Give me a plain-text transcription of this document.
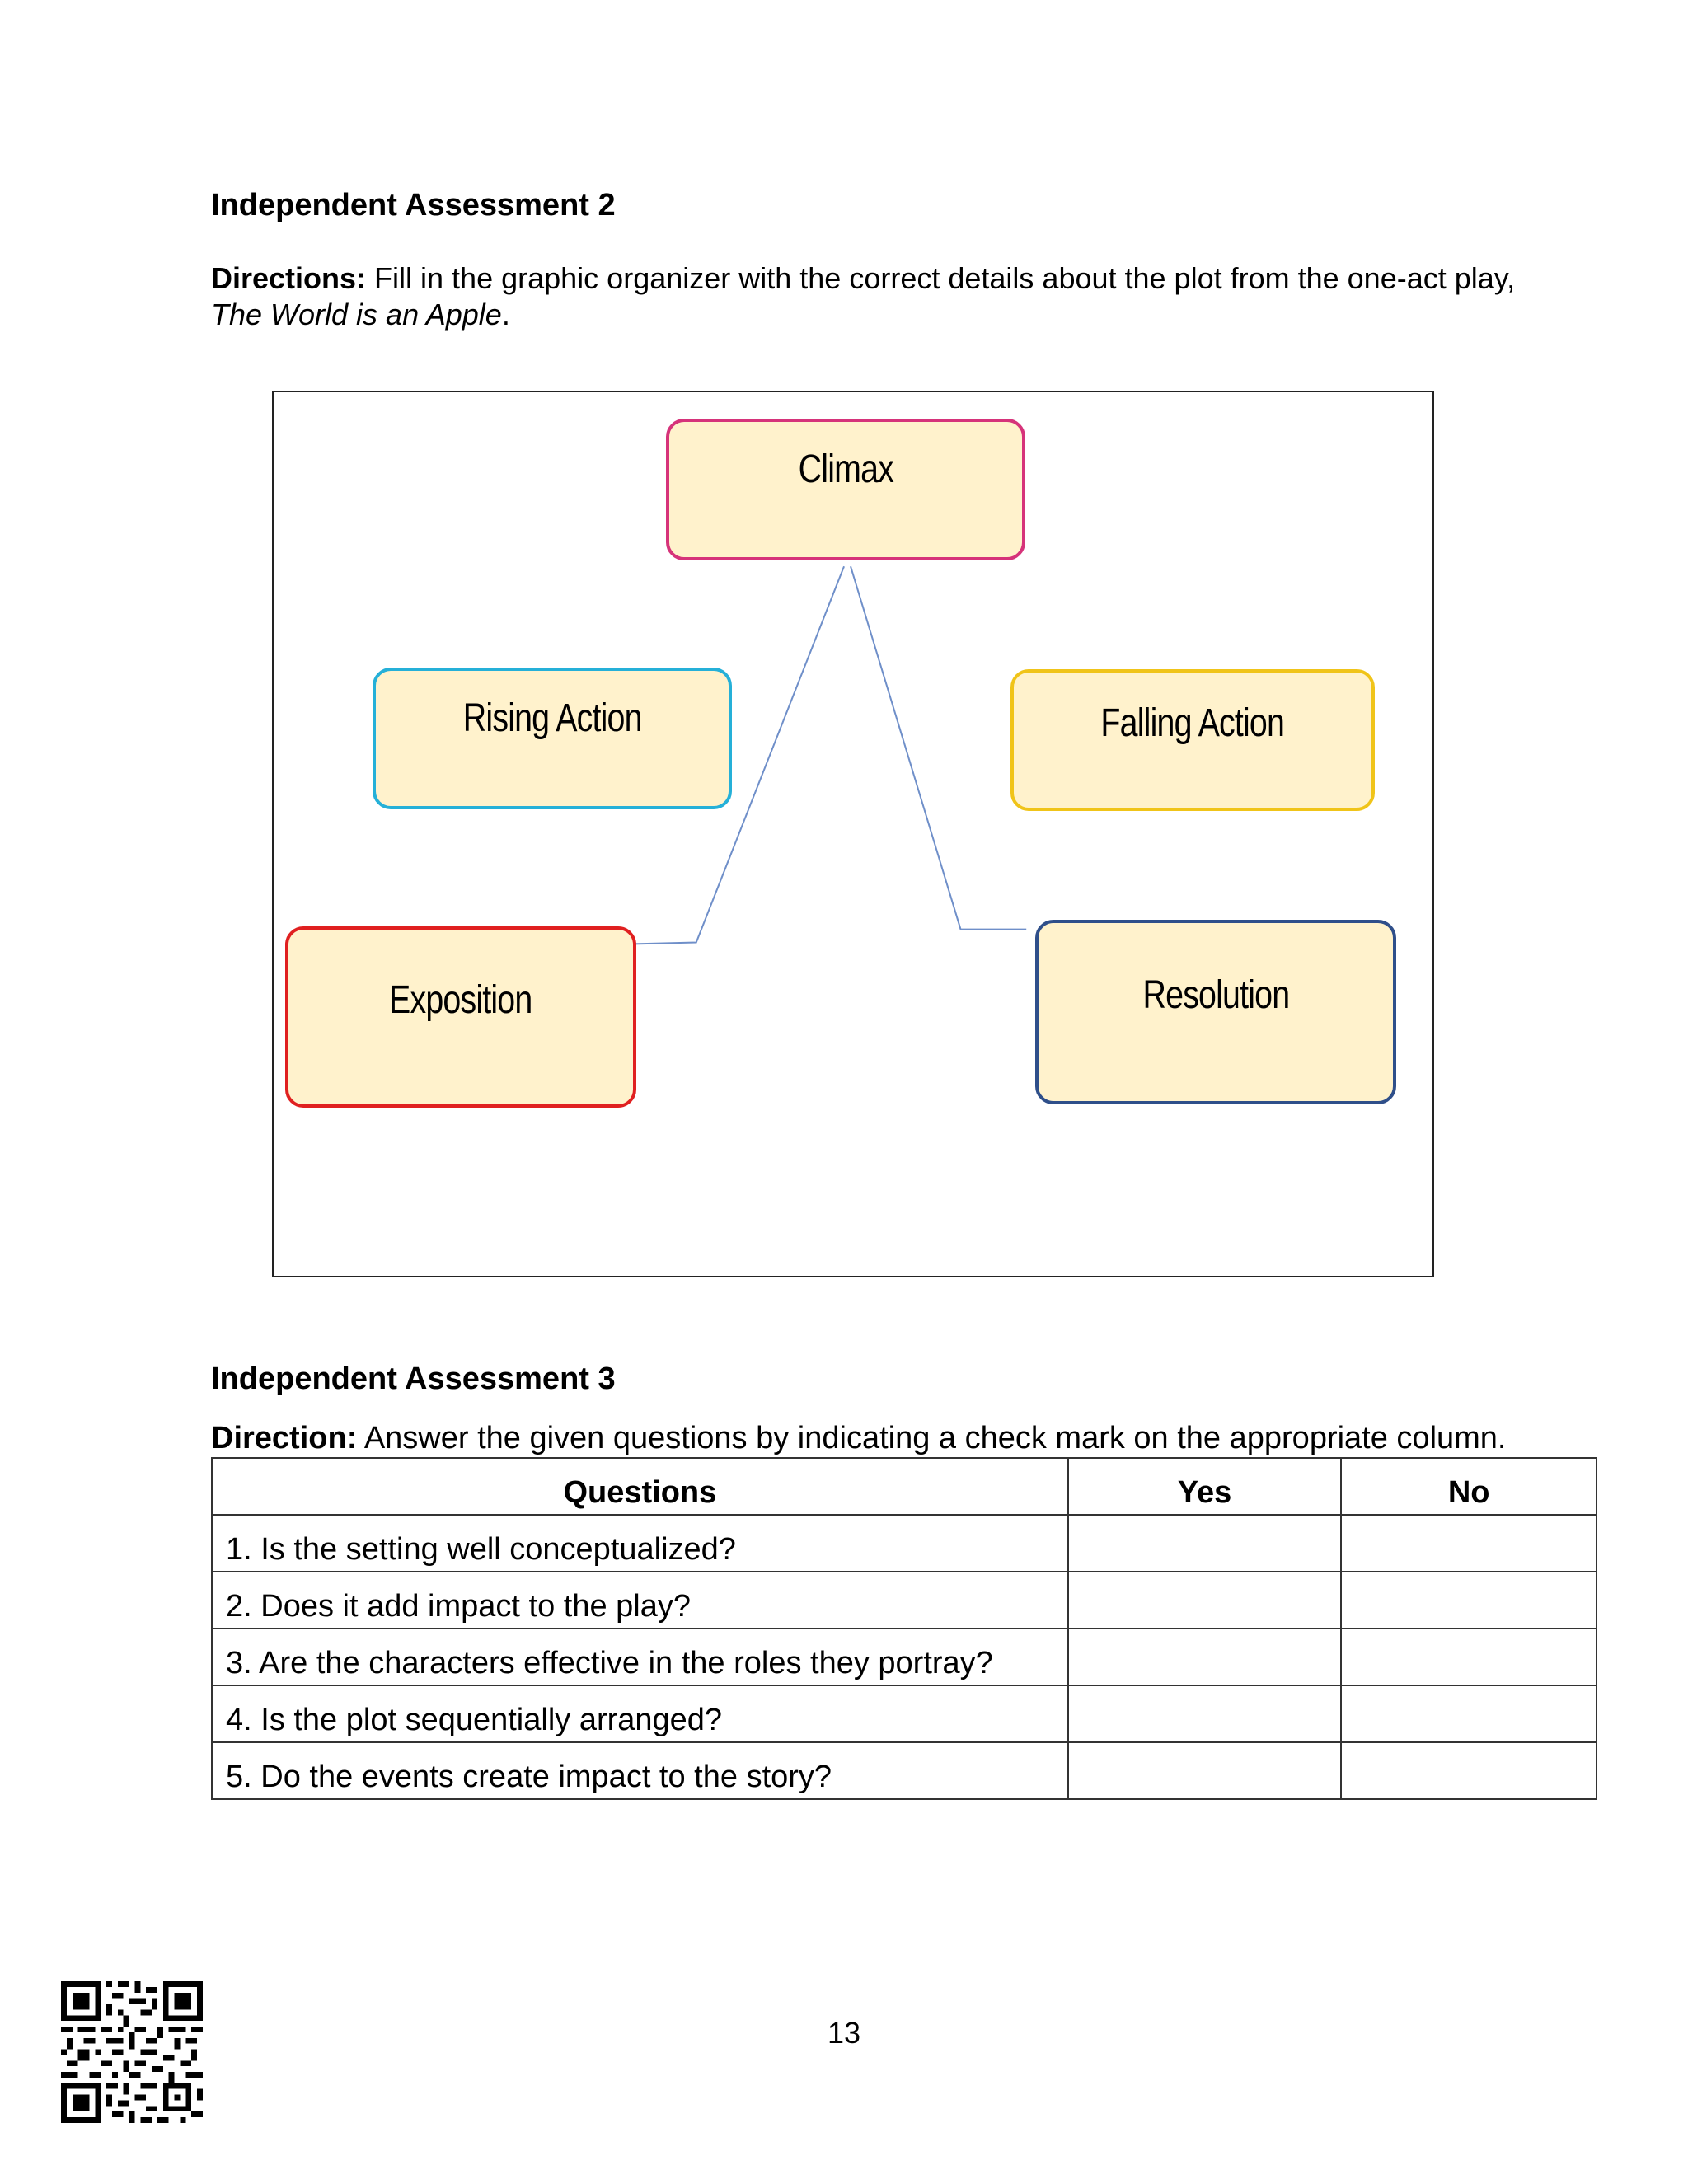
Independent Assessment 2

Directions: Fill in the graphic organizer with the correct details about the plot from the one-act play, The World is an Apple.

Climax
Rising Action	Falling Action
Exposition	Resolution
Independent Assessment 3

Direction: Answer the given questions by indicating a check mark on the appropriate column.

Questions	Yes	No
1. Is the setting well conceptualized?		
2. Does it add impact to the play?		
3. Are the characters effective in the roles they portray?		
4. Is the plot sequentially arranged?		
5. Do the events create impact to the story?		
13
